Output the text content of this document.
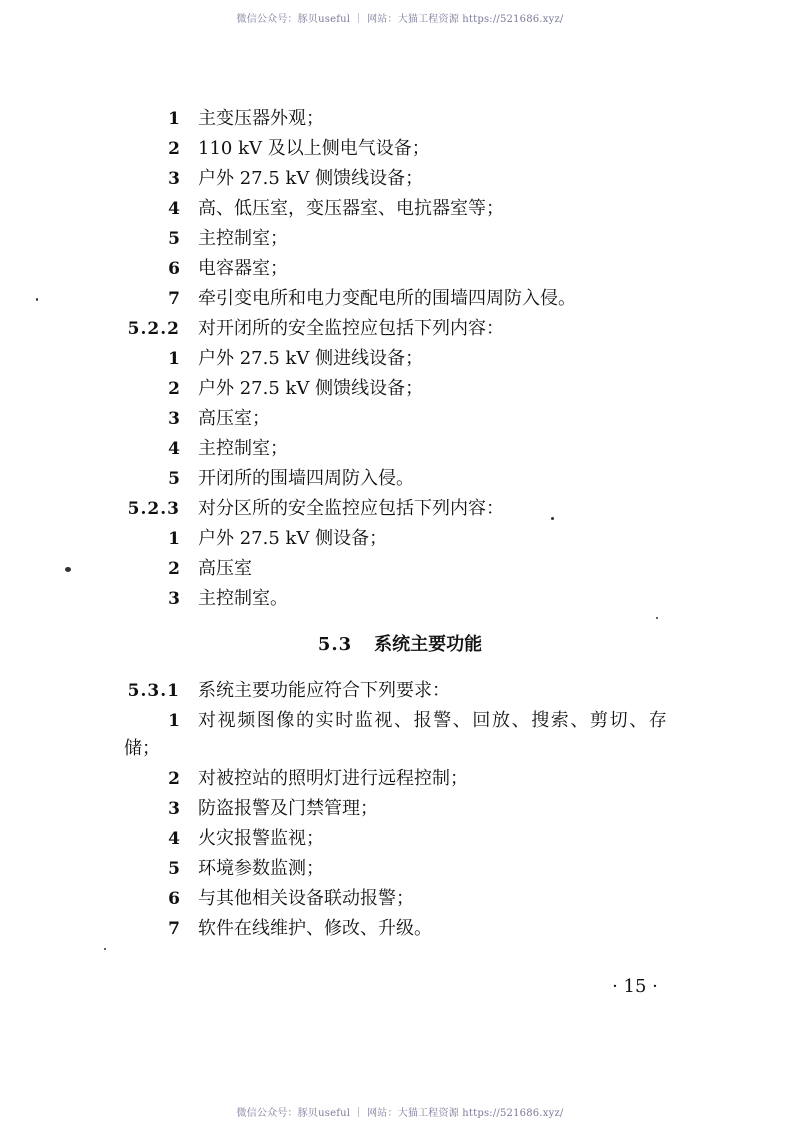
微信公众号：豚贝useful ｜ 网站：大猫工程资源 https://521686.xyz/
1 主变压器外观；
2 110 kV 及以上侧电气设备；
3 户外 27.5 kV 侧馈线设备；
4 高、低压室，变压器室、电抗器室等；
5 主控制室；
6 电容器室；
7 牵引变电所和电力变配电所的围墙四周防入侵。
5.2.2 对开闭所的安全监控应包括下列内容：
1 户外 27.5 kV 侧进线设备；
2 户外 27.5 kV 侧馈线设备；
3 高压室；
4 主控制室；
5 开闭所的围墙四周防入侵。
5.2.3 对分区所的安全监控应包括下列内容：
1 户外 27.5 kV 侧设备；
2 高压室
3 主控制室。
5.3 系统主要功能
5.3.1 系统主要功能应符合下列要求：
1 对视频图像的实时监视、报警、回放、搜索、剪切、存
储；
2 对被控站的照明灯进行远程控制；
3 防盗报警及门禁管理；
4 火灾报警监视；
5 环境参数监测；
6 与其他相关设备联动报警；
7 软件在线维护、修改、升级。
· 15 ·
微信公众号：豚贝useful ｜ 网站：大猫工程资源 https://521686.xyz/
